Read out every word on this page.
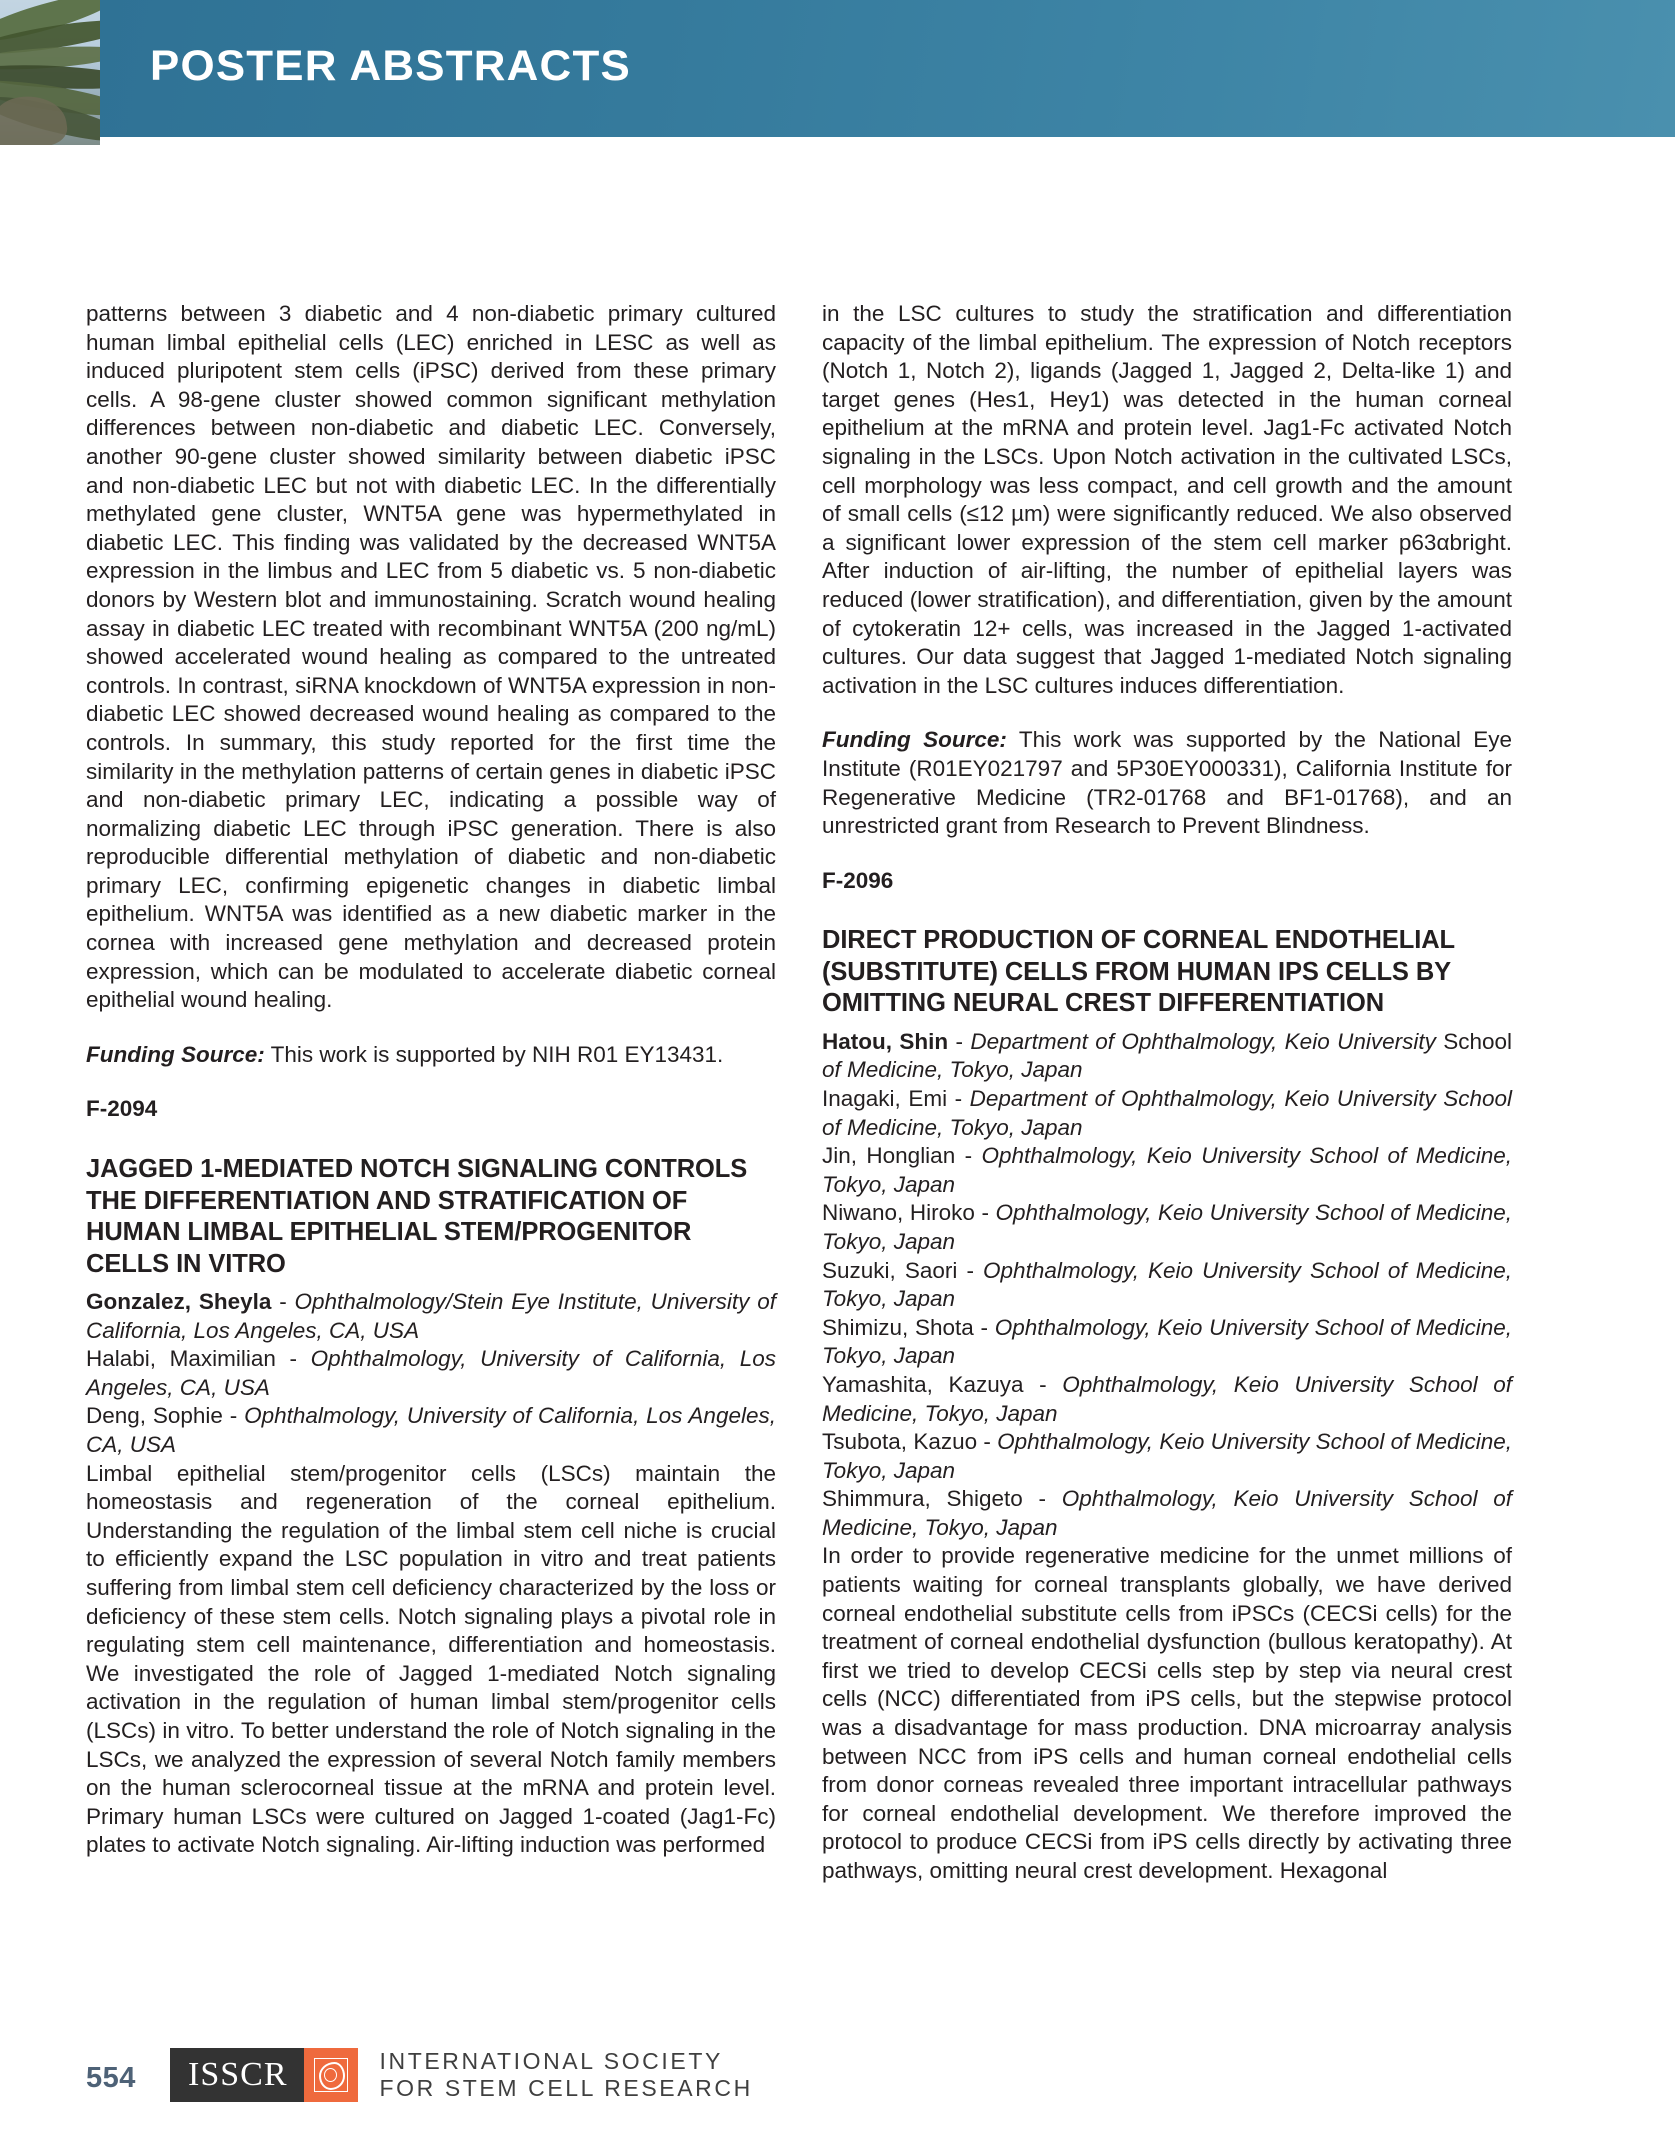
POSTER ABSTRACTS

patterns between 3 diabetic and 4 non-diabetic primary cultured human limbal epithelial cells (LEC) enriched in LESC as well as induced pluripotent stem cells (iPSC) derived from these primary cells. A 98-gene cluster showed common significant methylation differences between non-diabetic and diabetic LEC. Conversely, another 90-gene cluster showed similarity between diabetic iPSC and non-diabetic LEC but not with diabetic LEC. In the differentially methylated gene cluster, WNT5A gene was hypermethylated in diabetic LEC. This finding was validated by the decreased WNT5A expression in the limbus and LEC from 5 diabetic vs. 5 non-diabetic donors by Western blot and immunostaining. Scratch wound healing assay in diabetic LEC treated with recombinant WNT5A (200 ng/mL) showed accelerated wound healing as compared to the untreated controls. In contrast, siRNA knockdown of WNT5A expression in non-diabetic LEC showed decreased wound healing as compared to the controls. In summary, this study reported for the first time the similarity in the methylation patterns of certain genes in diabetic iPSC and non-diabetic primary LEC, indicating a possible way of normalizing diabetic LEC through iPSC generation. There is also reproducible differential methylation of diabetic and non-diabetic primary LEC, confirming epigenetic changes in diabetic limbal epithelium. WNT5A was identified as a new diabetic marker in the cornea with increased gene methylation and decreased protein expression, which can be modulated to accelerate diabetic corneal epithelial wound healing.

Funding Source: This work is supported by NIH R01 EY13431.

F-2094
JAGGED 1-MEDIATED NOTCH SIGNALING CONTROLS THE DIFFERENTIATION AND STRATIFICATION OF HUMAN LIMBAL EPITHELIAL STEM/PROGENITOR CELLS IN VITRO
Gonzalez, Sheyla - Ophthalmology/Stein Eye Institute, University of California, Los Angeles, CA, USA
Halabi, Maximilian - Ophthalmology, University of California, Los Angeles, CA, USA
Deng, Sophie - Ophthalmology, University of California, Los Angeles, CA, USA

Limbal epithelial stem/progenitor cells (LSCs) maintain the homeostasis and regeneration of the corneal epithelium. Understanding the regulation of the limbal stem cell niche is crucial to efficiently expand the LSC population in vitro and treat patients suffering from limbal stem cell deficiency characterized by the loss or deficiency of these stem cells. Notch signaling plays a pivotal role in regulating stem cell maintenance, differentiation and homeostasis. We investigated the role of Jagged 1-mediated Notch signaling activation in the regulation of human limbal stem/progenitor cells (LSCs) in vitro. To better understand the role of Notch signaling in the LSCs, we analyzed the expression of several Notch family members on the human sclerocorneal tissue at the mRNA and protein level. Primary human LSCs were cultured on Jagged 1-coated (Jag1-Fc) plates to activate Notch signaling. Air-lifting induction was performed

in the LSC cultures to study the stratification and differentiation capacity of the limbal epithelium. The expression of Notch receptors (Notch 1, Notch 2), ligands (Jagged 1, Jagged 2, Delta-like 1) and target genes (Hes1, Hey1) was detected in the human corneal epithelium at the mRNA and protein level. Jag1-Fc activated Notch signaling in the LSCs. Upon Notch activation in the cultivated LSCs, cell morphology was less compact, and cell growth and the amount of small cells (≤12 µm) were significantly reduced. We also observed a significant lower expression of the stem cell marker p63αbright. After induction of air-lifting, the number of epithelial layers was reduced (lower stratification), and differentiation, given by the amount of cytokeratin 12+ cells, was increased in the Jagged 1-activated cultures. Our data suggest that Jagged 1-mediated Notch signaling activation in the LSC cultures induces differentiation.

Funding Source: This work was supported by the National Eye Institute (R01EY021797 and 5P30EY000331), California Institute for Regenerative Medicine (TR2-01768 and BF1-01768), and an unrestricted grant from Research to Prevent Blindness.

F-2096
DIRECT PRODUCTION OF CORNEAL ENDOTHELIAL (SUBSTITUTE) CELLS FROM HUMAN IPS CELLS BY OMITTING NEURAL CREST DIFFERENTIATION
Hatou, Shin - Department of Ophthalmology, Keio University School of Medicine, Tokyo, Japan
Inagaki, Emi - Department of Ophthalmology, Keio University School of Medicine, Tokyo, Japan
Jin, Honglian - Ophthalmology, Keio University School of Medicine, Tokyo, Japan
Niwano, Hiroko - Ophthalmology, Keio University School of Medicine, Tokyo, Japan
Suzuki, Saori - Ophthalmology, Keio University School of Medicine, Tokyo, Japan
Shimizu, Shota - Ophthalmology, Keio University School of Medicine, Tokyo, Japan
Yamashita, Kazuya - Ophthalmology, Keio University School of Medicine, Tokyo, Japan
Tsubota, Kazuo - Ophthalmology, Keio University School of Medicine, Tokyo, Japan
Shimmura, Shigeto - Ophthalmology, Keio University School of Medicine, Tokyo, Japan

In order to provide regenerative medicine for the unmet millions of patients waiting for corneal transplants globally, we have derived corneal endothelial substitute cells from iPSCs (CECSi cells) for the treatment of corneal endothelial dysfunction (bullous keratopathy). At first we tried to develop CECSi cells step by step via neural crest cells (NCC) differentiated from iPS cells, but the stepwise protocol was a disadvantage for mass production. DNA microarray analysis between NCC from iPS cells and human corneal endothelial cells from donor corneas revealed three important intracellular pathways for corneal endothelial development. We therefore improved the protocol to produce CECSi from iPS cells directly by activating three pathways, omitting neural crest development. Hexagonal

554	ISSCR	INTERNATIONAL SOCIETY
FOR STEM CELL RESEARCH
